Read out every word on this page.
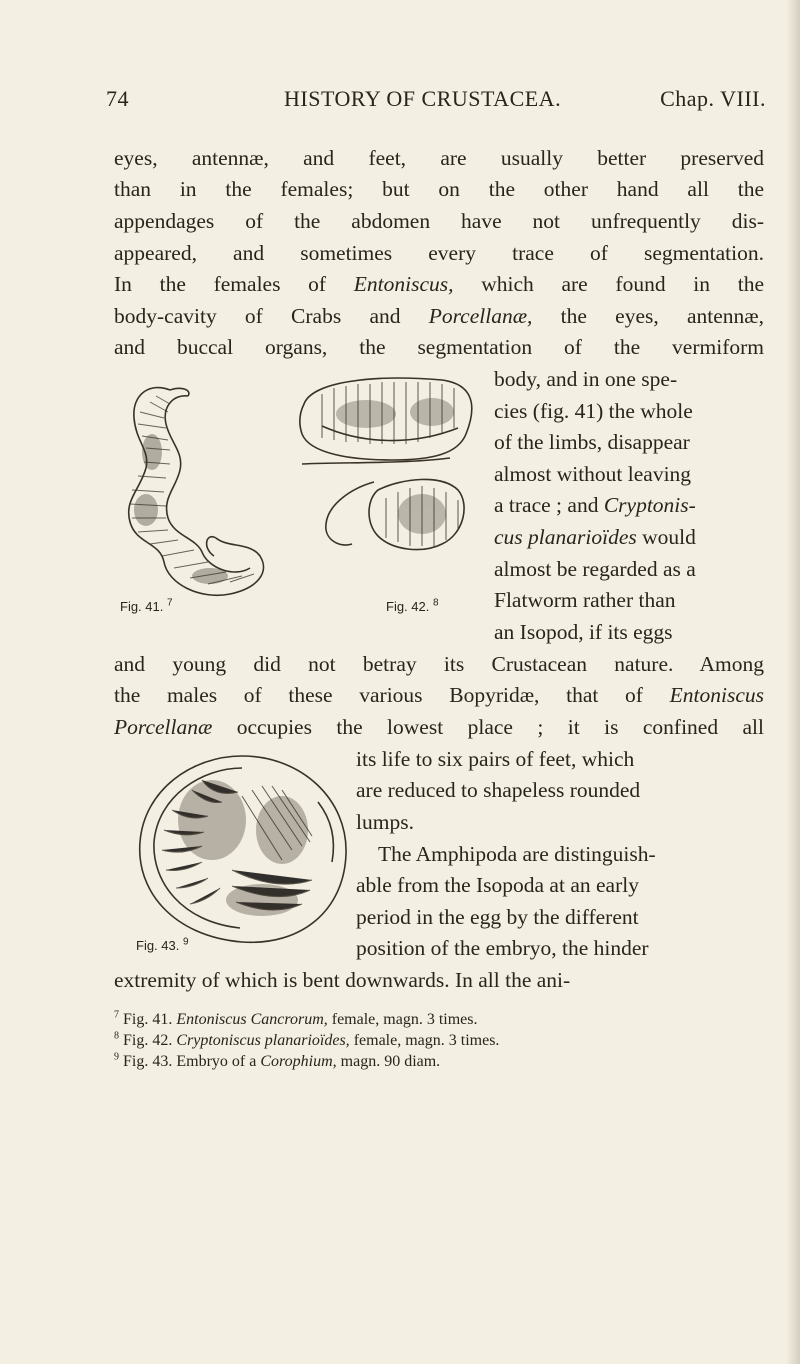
74	HISTORY OF CRUSTACEA.	Chap. VIII.
eyes, antennæ, and feet, are usually better preserved
than in the females; but on the other hand all the
appendages of the abdomen have not unfrequently dis-
appeared, and sometimes every trace of segmentation.
In the females of Entoniscus, which are found in the
body-cavity of Crabs and Porcellanæ, the eyes, antennæ,
and buccal organs, the segmentation of the vermiform
body, and in one spe-
cies (fig. 41) the whole
of the limbs, disappear
almost without leaving
a trace ; and Cryptonis-
cus planarioïdes would
almost be regarded as a
Flatworm rather than
an Isopod, if its eggs
and young did not betray its Crustacean nature. Among
the males of these various Bopyridæ, that of Entoniscus
Porcellanæ occupies the lowest place ; it is confined all
its life to six pairs of feet, which
are reduced to shapeless rounded
lumps.
The Amphipoda are distinguish-
able from the Isopoda at an early
period in the egg by the different
position of the embryo, the hinder
extremity of which is bent downwards. In all the ani-
Fig. 41. $^7$	Fig. 42. $^8$
Fig. 43. $^9$
$^7$ Fig. 41. Entoniscus Cancrorum, female, magn. 3 times.
$^8$ Fig. 42. Cryptoniscus planarioïdes, female, magn. 3 times.
$^9$ Fig. 43. Embryo of a Corophium, magn. 90 diam.
